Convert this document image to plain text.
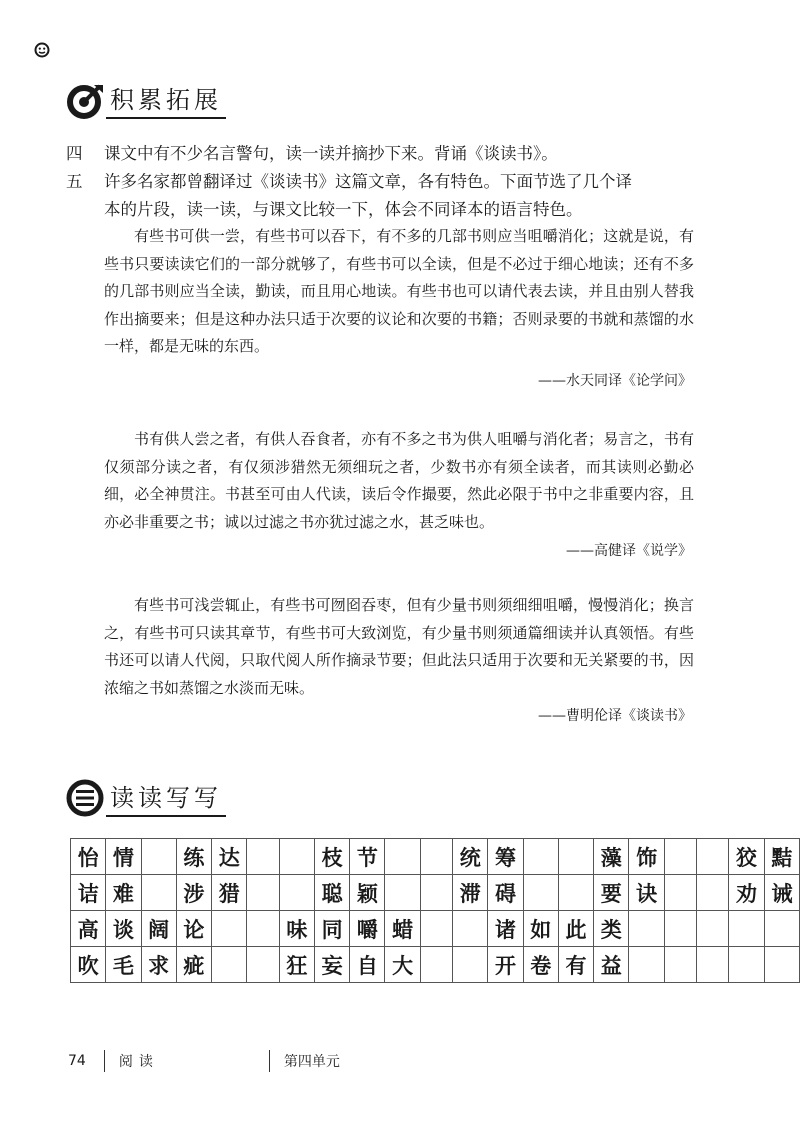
积累拓展
四 课文中有不少名言警句，读一读并摘抄下来。背诵《谈读书》。
五	许多名家都曾翻译过《谈读书》这篇文章，各有特色。下面节选了几个译
本的片段，读一读，与课文比较一下，体会不同译本的语言特色。
有些书可供一尝，有些书可以吞下，有不多的几部书则应当咀嚼消化；这就是说，有些书只要读读它们的一部分就够了，有些书可以全读，但是不必过于细心地读；还有不多的几部书则应当全读，勤读，而且用心地读。有些书也可以请代表去读，并且由别人替我作出摘要来；但是这种办法只适于次要的议论和次要的书籍；否则录要的书就和蒸馏的水一样，都是无味的东西。
——水天同译《论学问》
书有供人尝之者，有供人吞食者，亦有不多之书为供人咀嚼与消化者；易言之，书有仅须部分读之者，有仅须涉猎然无须细玩之者，少数书亦有须全读者，而其读则必勤必细，必全神贯注。书甚至可由人代读，读后令作撮要，然此必限于书中之非重要内容，且亦必非重要之书；诚以过滤之书亦犹过滤之水，甚乏味也。
——高健译《说学》
有些书可浅尝辄止，有些书可囫囵吞枣，但有少量书则须细细咀嚼，慢慢消化；换言之，有些书可只读其章节，有些书可大致浏览，有少量书则须通篇细读并认真领悟。有些书还可以请人代阅，只取代阅人所作摘录节要；但此法只适用于次要和无关紧要的书，因浓缩之书如蒸馏之水淡而无味。
——曹明伦译《谈读书》
读读写写
怡	情		练	达			枝	节			统	筹			藻	饰			狡	黠
诘	难		涉	猎			聪	颖			滞	碍			要	诀			劝	诫
高	谈	阔	论			味	同	嚼	蜡			诸	如	此	类					
吹	毛	求	疵			狂	妄	自	大			开	卷	有	益					
74 阅读	第四单元
